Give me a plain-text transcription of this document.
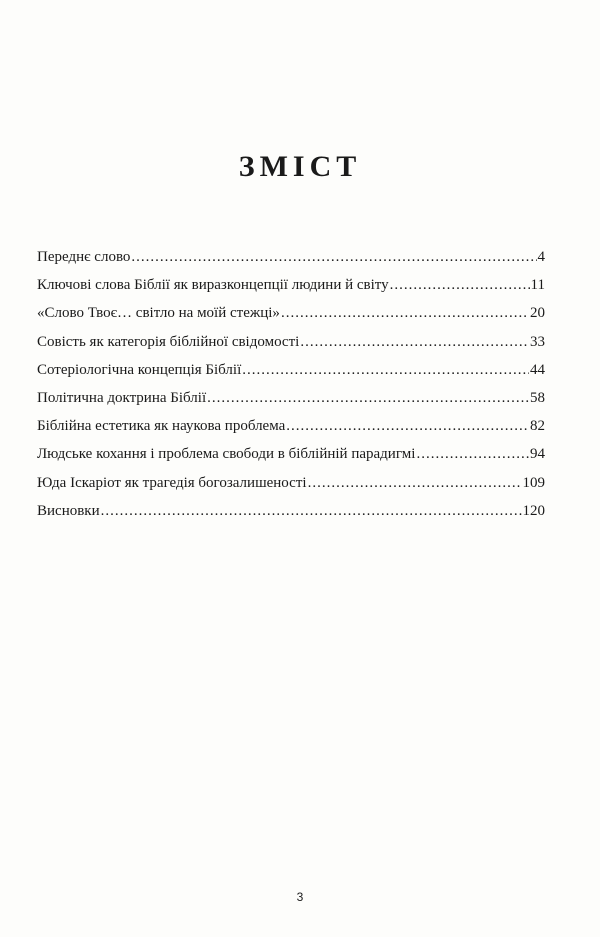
ЗМІСТ
Переднє слово .....	4
Ключові слова Біблії як виразконцепції людини й світу .....	11
«Слово Твоє… світло на моїй стежці» .....	20
Совість як категорія біблійної свідомості .....	33
Сотеріологічна концепція Біблії .....	44
Політична доктрина Біблії .....	58
Біблійна естетика як наукова проблема .....	82
Людське кохання і проблема свободи в біблійній парадигмі .....	94
Юда Іскаріот як трагедія богозалишеності .....	109
Висновки .....	120
3
